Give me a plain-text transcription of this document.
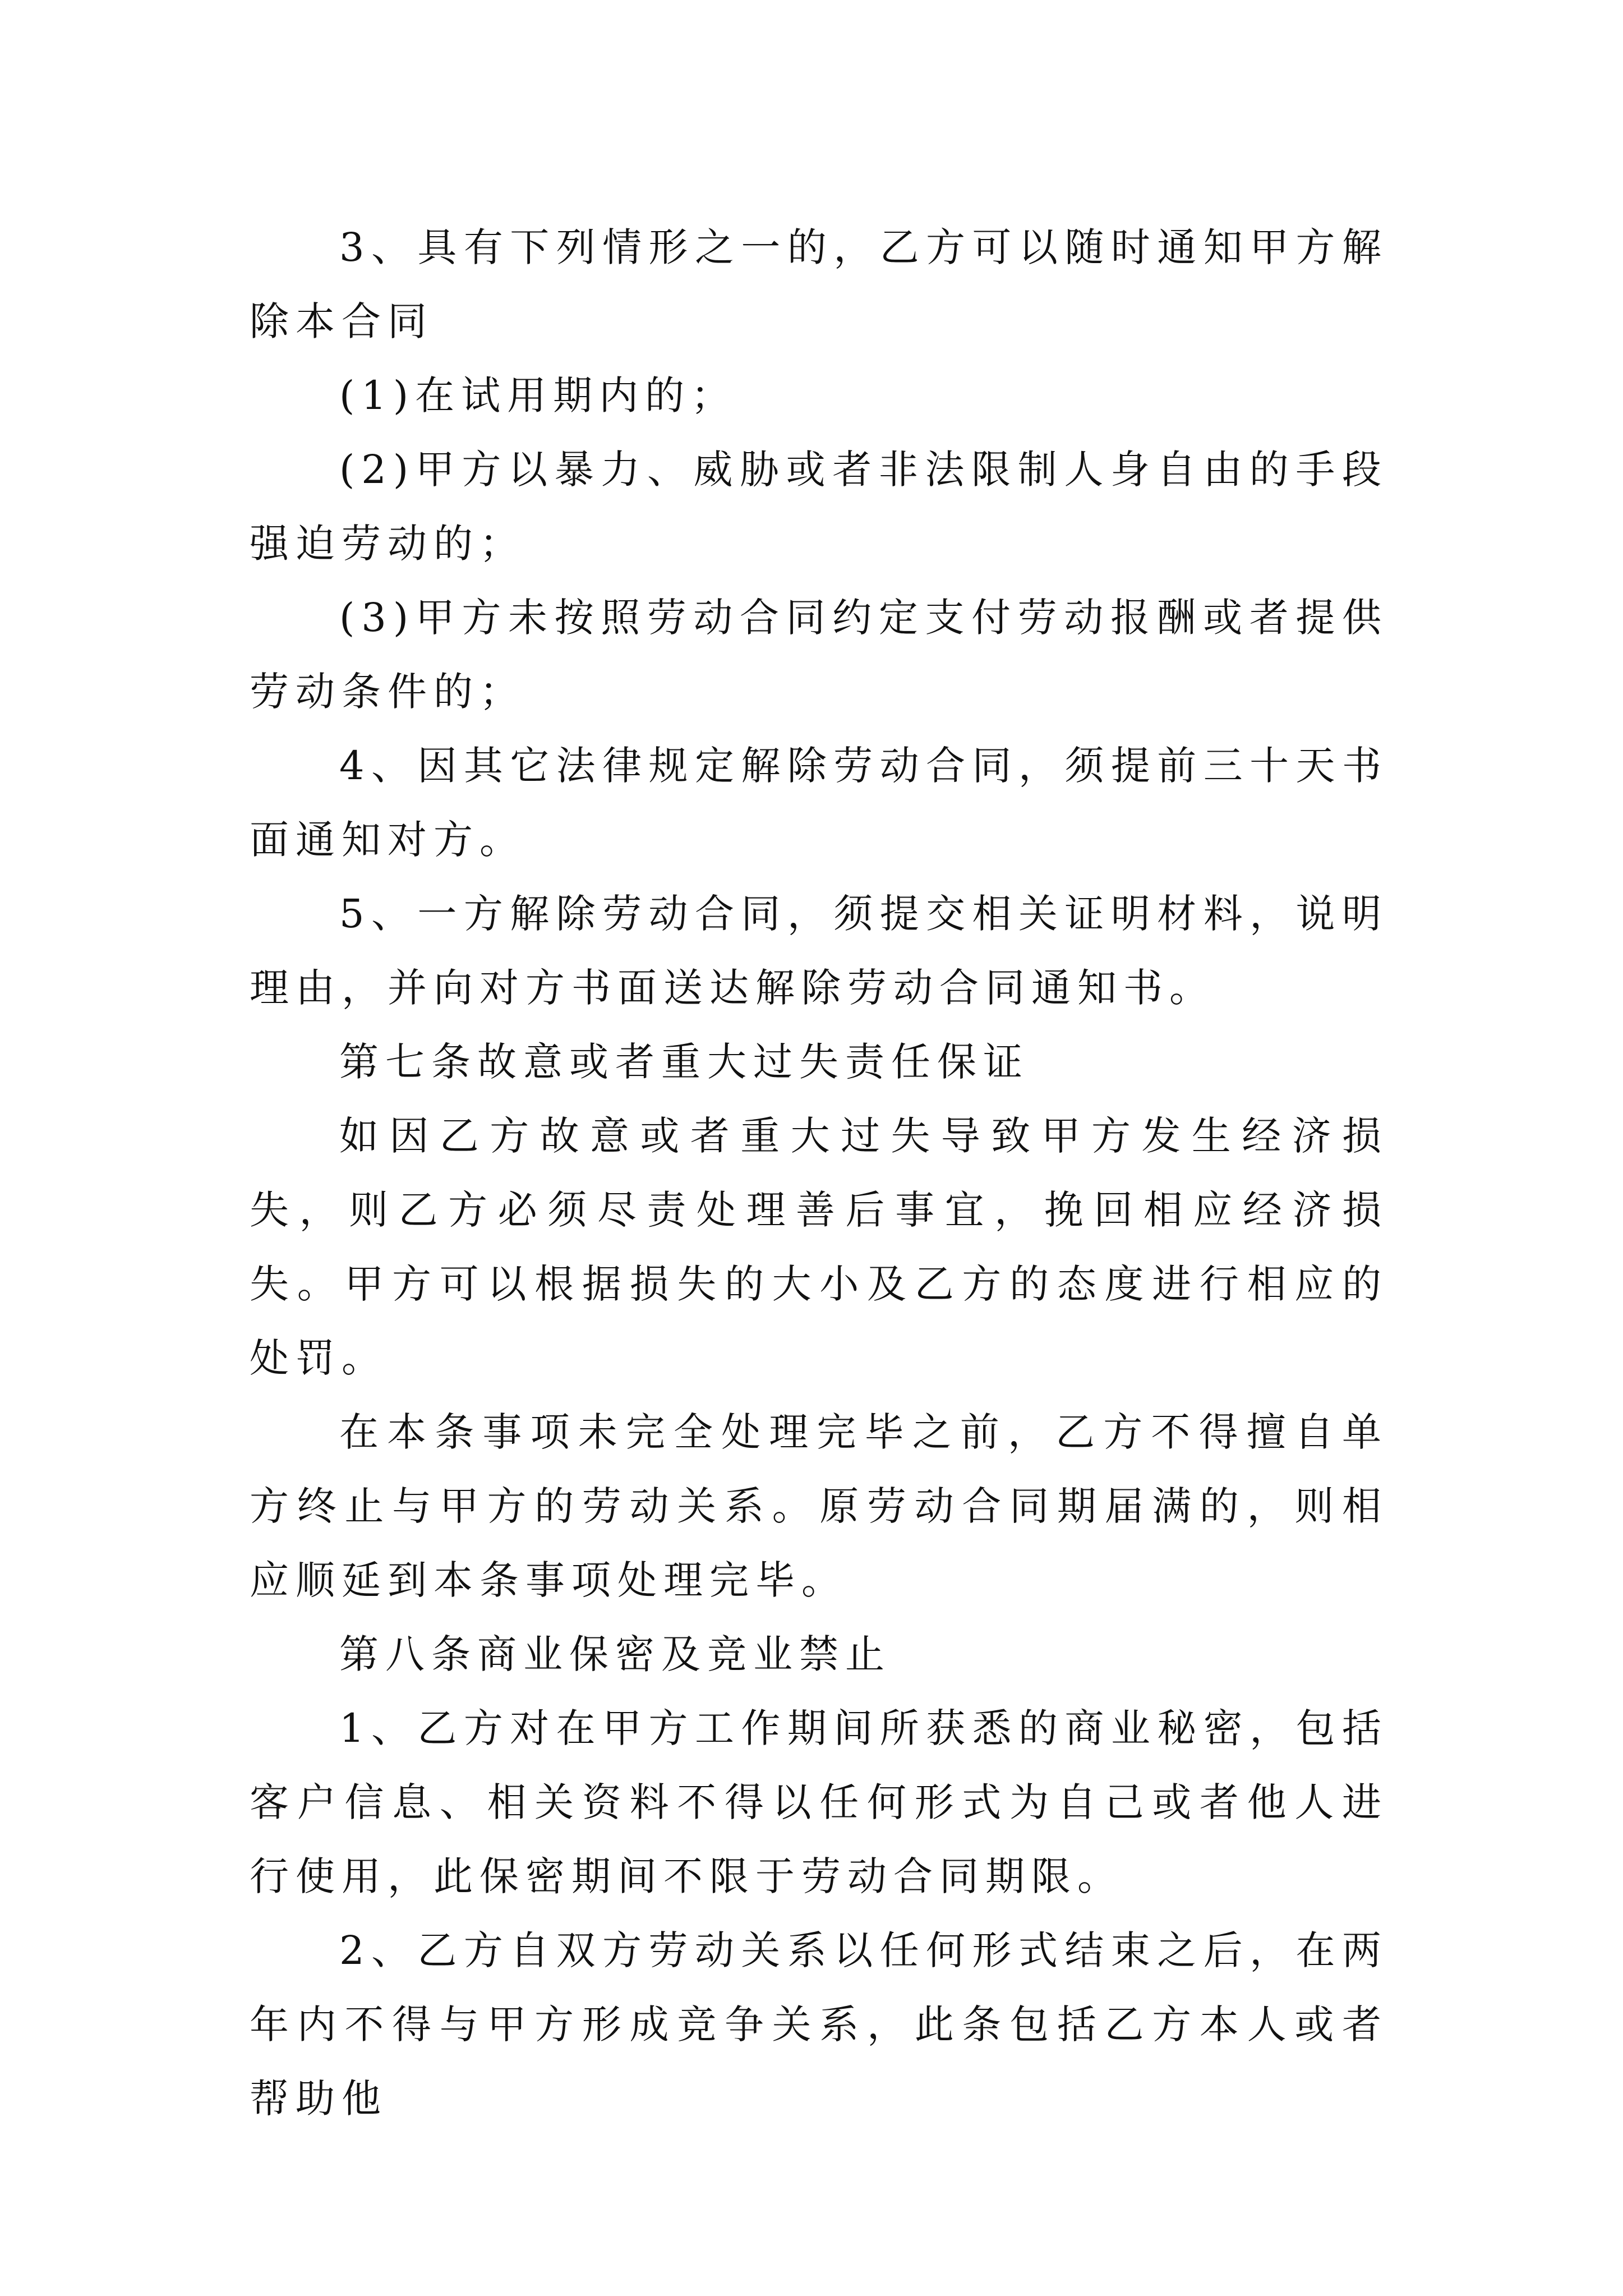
3、具有下列情形之一的，乙方可以随时通知甲方解除本合同

(1)在试用期内的；

(2)甲方以暴力、威胁或者非法限制人身自由的手段强迫劳动的；

(3)甲方未按照劳动合同约定支付劳动报酬或者提供劳动条件的；

4、因其它法律规定解除劳动合同，须提前三十天书面通知对方。

5、一方解除劳动合同，须提交相关证明材料，说明理由，并向对方书面送达解除劳动合同通知书。

第七条故意或者重大过失责任保证

如因乙方故意或者重大过失导致甲方发生经济损失，则乙方必须尽责处理善后事宜，挽回相应经济损失。甲方可以根据损失的大小及乙方的态度进行相应的处罚。

在本条事项未完全处理完毕之前，乙方不得擅自单方终止与甲方的劳动关系。原劳动合同期届满的，则相应顺延到本条事项处理完毕。

第八条商业保密及竞业禁止

1、乙方对在甲方工作期间所获悉的商业秘密，包括客户信息、相关资料不得以任何形式为自己或者他人进行使用，此保密期间不限于劳动合同期限。

2、乙方自双方劳动关系以任何形式结束之后，在两年内不得与甲方形成竞争关系，此条包括乙方本人或者帮助他
